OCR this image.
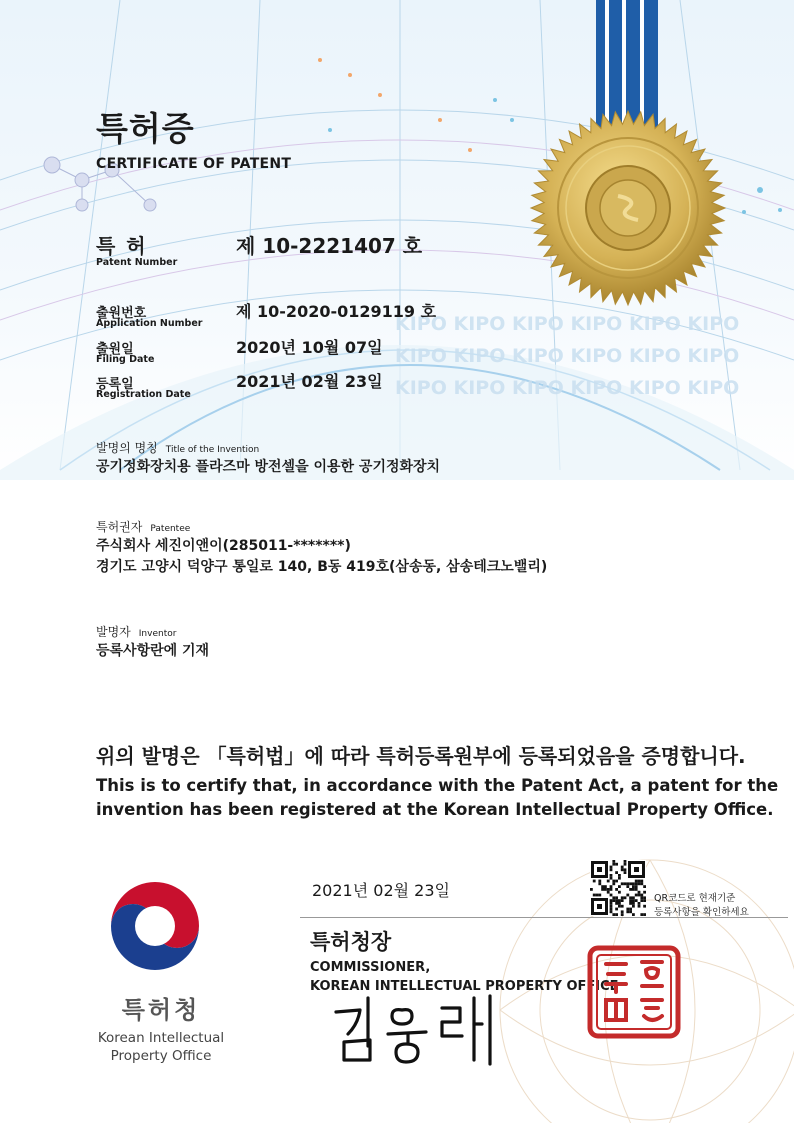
KIPO KIPO KIPO KIPO KIPO KIPO
KIPO KIPO KIPO KIPO KIPO KIPO
KIPO KIPO KIPO KIPO KIPO KIPO
특허증
CERTIFICATE OF PATENT
특 허
Patent Number
제 10-2221407 호
출원번호
Application Number
제 10-2020-0129119 호
출원일
Filing Date
2020년 10월 07일
등록일
Registration Date
2021년 02월 23일
발명의 명칭 Title of the Invention
공기정화장치용 플라즈마 방전셀을 이용한 공기정화장치
특허권자 Patentee
주식회사 세진이앤이(285011-*******)
경기도 고양시 덕양구 통일로 140, B동 419호(삼송동, 삼송테크노밸리)
발명자 Inventor
등록사항란에 기재
위의 발명은 「특허법」에 따라 특허등록원부에 등록되었음을 증명합니다.
This is to certify that, in accordance with the Patent Act, a patent for the
invention has been registered at the Korean Intellectual Property Office.
2021년 02월 23일	QR코드로 현재기준
등록사항을 확인하세요
특허청장
COMMISSIONER,
KOREAN INTELLECTUAL PROPERTY OFFICE
특허청
Korean Intellectual
Property Office
